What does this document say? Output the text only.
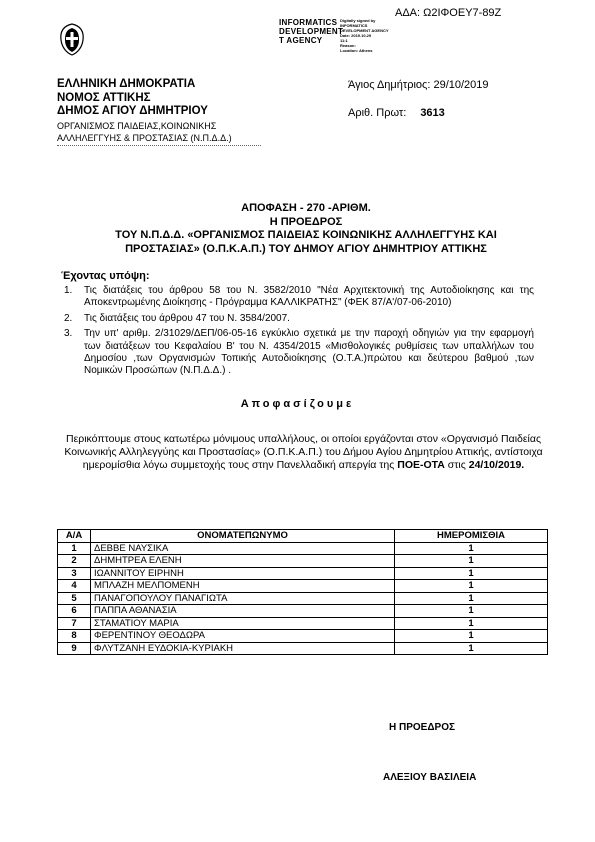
ΑΔΑ: Ω2ΙΦΟΕΥ7-89Ζ
INFORMATICS
DEVELOPMENT
T AGENCY
Digitally signed by
INFORMATICS
DEVELOPMENT AGENCY
Date: 2019.10.29
11:1
Reason:
Location: Athens
ΕΛΛΗΝΙΚΗ ΔΗΜΟΚΡΑΤΙΑ
ΝΟΜΟΣ ΑΤΤΙΚΗΣ
ΔΗΜΟΣ ΑΓΙΟΥ ΔΗΜΗΤΡΙΟΥ
ΟΡΓΑΝΙΣΜΟΣ ΠΑΙΔΕΙΑΣ,ΚΟΙΝΩΝΙΚΗΣ
ΑΛΛΗΛΕΓΓΥΗΣ & ΠΡΟΣΤΑΣΙΑΣ (Ν.Π.Δ.Δ.)
Άγιος Δημήτριος: 29/10/2019
Αριθ. Πρωτ: 3613
ΑΠΟΦΑΣΗ - 270 -ΑΡΙΘΜ.
Η ΠΡΟΕΔΡΟΣ
ΤΟΥ Ν.Π.Δ.Δ. «ΟΡΓΑΝΙΣΜΟΣ ΠΑΙΔΕΙΑΣ ΚΟΙΝΩΝΙΚΗΣ ΑΛΛΗΛΕΓΓΥΗΣ ΚΑΙ
ΠΡΟΣΤΑΣΙΑΣ» (Ο.Π.Κ.Α.Π.) ΤΟΥ ΔΗΜΟΥ ΑΓΙΟΥ ΔΗΜΗΤΡΙΟΥ ΑΤΤΙΚΗΣ
Έχοντας υπόψη:
1. Τις διατάξεις του άρθρου 58 του Ν. 3582/2010 "Νέα Αρχιτεκτονική της Αυτοδιοίκησης και της Αποκεντρωμένης Διοίκησης - Πρόγραμμα ΚΑΛΛΙΚΡΑΤΗΣ" (ΦΕΚ 87/Α'/07-06-2010)
2. Τις διατάξεις του άρθρου 47 του Ν. 3584/2007.
3. Την υπ' αριθμ. 2/31029/ΔΕΠ/06-05-16 εγκύκλιο σχετικά με την παροχή οδηγιών για την εφαρμογή των διατάξεων του Κεφαλαίου Β' του Ν. 4354/2015 «Μισθολογικές ρυθμίσεις των υπαλλήλων του Δημοσίου ,των Οργανισμών Τοπικής Αυτοδιοίκησης (Ο.Τ.Α.)πρώτου και δεύτερου βαθμού ,των Νομικών Προσώπων (Ν.Π.Δ.Δ.) .
Αποφασίζουμε
Περικόπτουμε στους κατωτέρω μόνιμους υπαλλήλους, οι οποίοι εργάζονται στον «Οργανισμό Παιδείας Κοινωνικής Αλληλεγγύης και Προστασίας» (Ο.Π.Κ.Α.Π.) του Δήμου Αγίου Δημητρίου Αττικής, αντίστοιχα ημερομίσθια λόγω συμμετοχής τους στην Πανελλαδική απεργία της ΠΟΕ-ΟΤΑ στις 24/10/2019.
Α/Α	ΟΝΟΜΑΤΕΠΩΝΥΜΟ	ΗΜΕΡΟΜΙΣΘΙΑ
1	ΔΕΒΒΕ ΝΑΥΣΙΚΑ	1
2	ΔΗΜΗΤΡΕΑ ΕΛΕΝΗ	1
3	ΙΩΑΝΝΙΤΟΥ ΕΙΡΗΝΗ	1
4	ΜΠΛΑΖΗ ΜΕΛΠΟΜΕΝΗ	1
5	ΠΑΝΑΓΟΠΟΥΛΟΥ ΠΑΝΑΓΙΩΤΑ	1
6	ΠΑΠΠΑ ΑΘΑΝΑΣΙΑ	1
7	ΣΤΑΜΑΤΙΟΥ ΜΑΡΙΑ	1
8	ΦΕΡΕΝΤΙΝΟΥ ΘΕΟΔΩΡΑ	1
9	ΦΛΥΤΖΑΝΗ ΕΥΔΟΚΙΑ-ΚΥΡΙΑΚΗ	1
Η ΠΡΟΕΔΡΟΣ
ΑΛΕΞΙΟΥ ΒΑΣΙΛΕΙΑ
